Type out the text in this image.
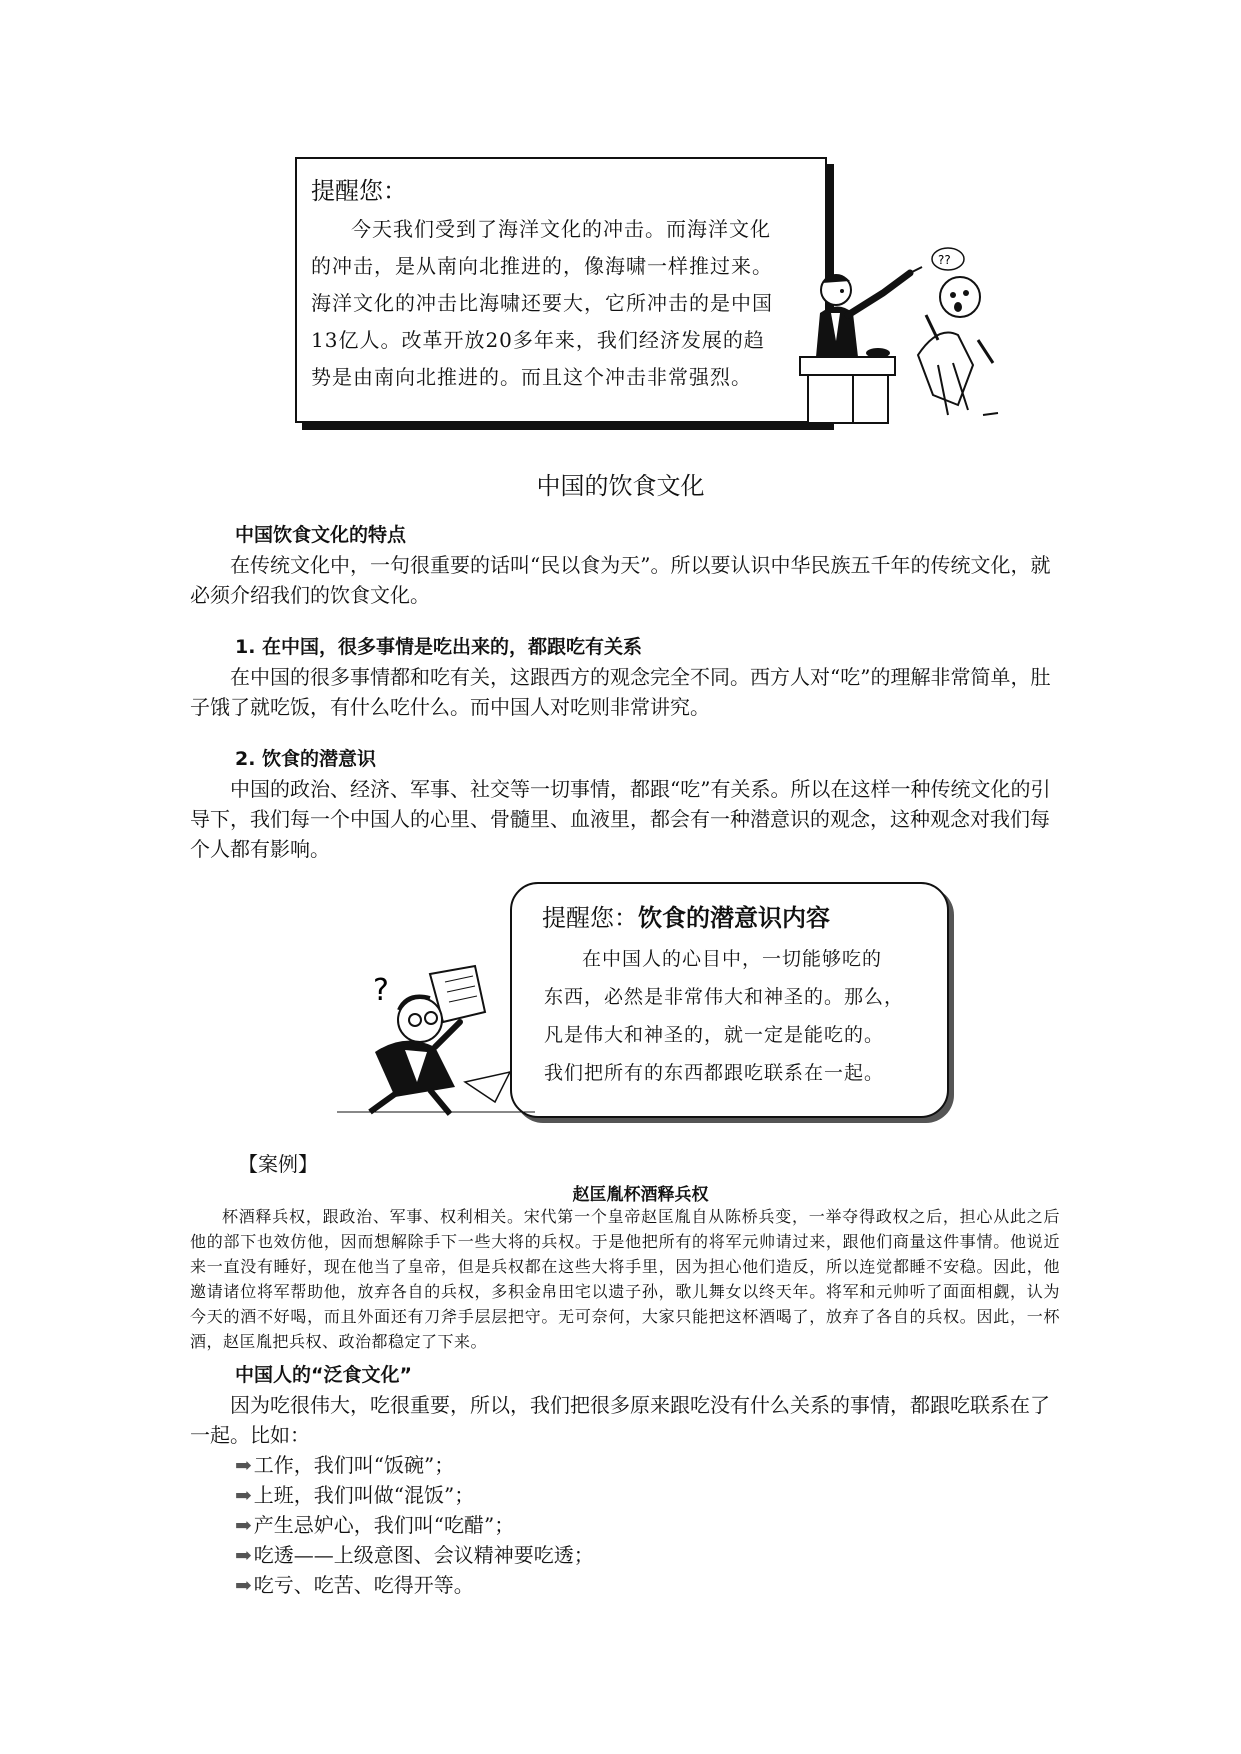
提醒您：

今天我们受到了海洋文化的冲击。而海洋文化

的冲击，是从南向北推进的，像海啸一样推过来。

海洋文化的冲击比海啸还要大，它所冲击的是中国

13亿人。改革开放20多年来，我们经济发展的趋

势是由南向北推进的。而且这个冲击非常强烈。

??
中国的饮食文化

中国饮食文化的特点

在传统文化中，一句很重要的话叫“民以食为天”。所以要认识中华民族五千年的传统文化，就必须介绍我们的饮食文化。

1. 在中国，很多事情是吃出来的，都跟吃有关系

在中国的很多事情都和吃有关，这跟西方的观念完全不同。西方人对“吃”的理解非常简单，肚子饿了就吃饭，有什么吃什么。而中国人对吃则非常讲究。

2. 饮食的潜意识

中国的政治、经济、军事、社交等一切事情，都跟“吃”有关系。所以在这样一种传统文化的引导下，我们每一个中国人的心里、骨髓里、血液里，都会有一种潜意识的观念，这种观念对我们每个人都有影响。

提醒您：饮食的潜意识内容

在中国人的心目中，一切能够吃的

东西，必然是非常伟大和神圣的。那么，

凡是伟大和神圣的，就一定是能吃的。

我们把所有的东西都跟吃联系在一起。

?
【案例】
赵匡胤杯酒释兵权

杯酒释兵权，跟政治、军事、权利相关。宋代第一个皇帝赵匡胤自从陈桥兵变，一举夺得政权之后，担心从此之后他的部下也效仿他，因而想解除手下一些大将的兵权。于是他把所有的将军元帅请过来，跟他们商量这件事情。他说近来一直没有睡好，现在他当了皇帝，但是兵权都在这些大将手里，因为担心他们造反，所以连觉都睡不安稳。因此，他邀请诸位将军帮助他，放弃各自的兵权，多积金帛田宅以遗子孙，歌儿舞女以终天年。将军和元帅听了面面相觑，认为今天的酒不好喝，而且外面还有刀斧手层层把守。无可奈何，大家只能把这杯酒喝了，放弃了各自的兵权。因此，一杯酒，赵匡胤把兵权、政治都稳定了下来。

中国人的“泛食文化”

因为吃很伟大，吃很重要，所以，我们把很多原来跟吃没有什么关系的事情，都跟吃联系在了一起。比如：

➡ 工作，我们叫“饭碗”；
➡ 上班，我们叫做“混饭”；
➡ 产生忌妒心，我们叫“吃醋”；
➡ 吃透——上级意图、会议精神要吃透；
➡ 吃亏、吃苦、吃得开等。
